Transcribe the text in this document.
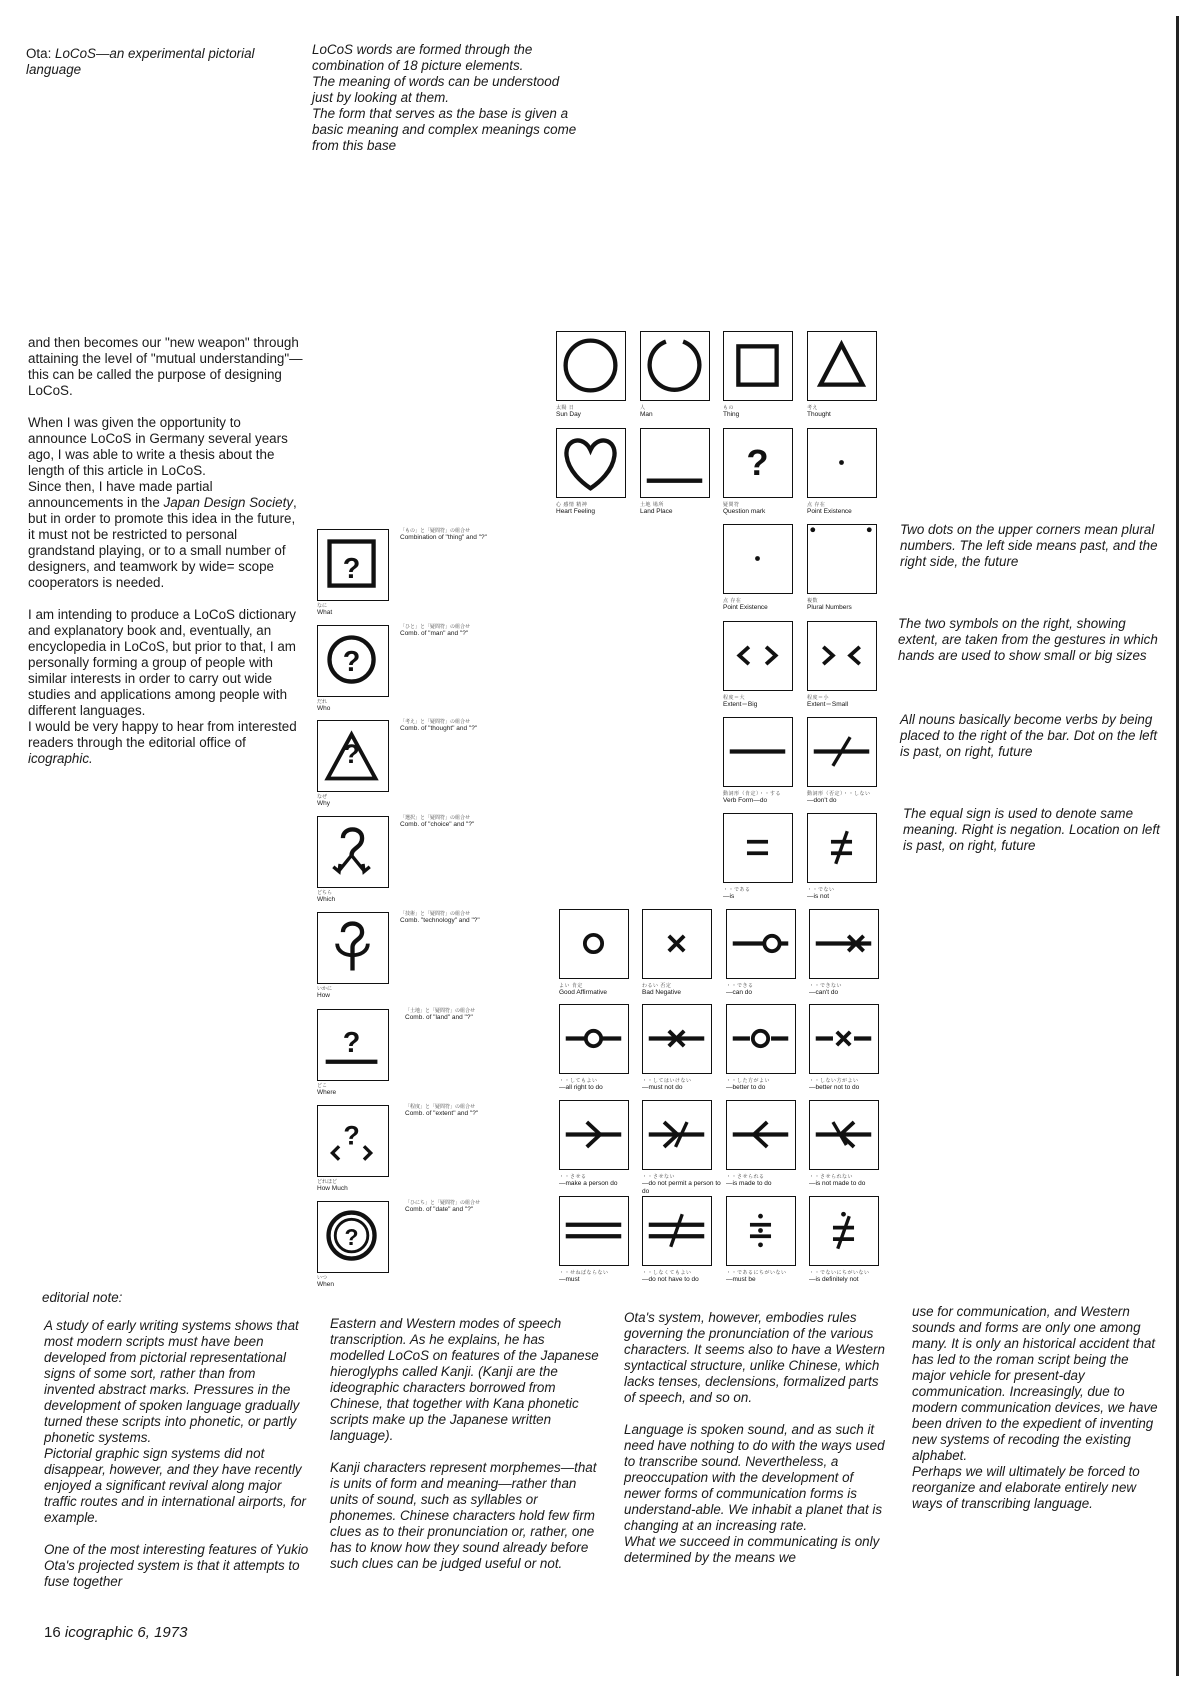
Ota: LoCoS—an experimental pictorial language
LoCoS words are formed through the combination of 18 picture elements.
The meaning of words can be understood just by looking at them.
The form that serves as the base is given a basic meaning and complex meanings come from this base

and then becomes our "new weapon" through attaining the level of "mutual understanding"—this can be called the purpose of designing LoCoS.

When I was given the opportunity to announce LoCoS in Germany several years ago, I was able to write a thesis about the length of this article in LoCoS.

Since then, I have made partial announcements in the Japan Design Society, but in order to promote this idea in the future, it must not be restricted to personal grandstand playing, or to a small number of designers, and teamwork by wide= scope cooperators is needed.

I am intending to produce a LoCoS dictionary and explanatory book and, eventually, an encyclopedia in LoCoS, but prior to that, I am personally forming a group of people with similar interests in order to carry out wide studies and applications among people with different languages.

I would be very happy to hear from interested readers through the editorial office of icographic.

太陽 日
Sun Day
人
Man
もの
Thing
考え
Thought
心 感情 精神
Heart Feeling
土地 場所
Land Place
?
疑問符
Question mark
点 存在
Point Existence
点 存在
Point Existence
複数
Plural Numbers
程度＝大
Extent＝Big
程度＝小
Extent＝Small
動詞形（肯定）・・する
Verb Form—do
動詞形（否定）・・しない
—don't do
・・である
—is
・・でない
—is not
Two dots on the upper corners mean plural numbers. The left side means past, and the right side, the future
The two symbols on the right, showing extent, are taken from the gestures in which hands are used to show small or big sizes
All nouns basically become verbs by being placed to the right of the bar. Dot on the left is past, on right, future
The equal sign is used to denote same meaning. Right is negation. Location on left is past, on right, future
?
「もの」と「疑問符」の組合せ
Combination of "thing" and "?"
なに
What
?
「ひと」と「疑問符」の組合せ
Comb. of "man" and "?"
だれ
Who
?
「考え」と「疑問符」の組合せ
Comb. of "thought" and "?"
なぜ
Why
「選択」と「疑問符」の組合せ
Comb. of "choice" and "?"
どちら
Which
「技術」と「疑問符」の組合せ
Comb. "technology" and "?"
いかに
How
?
「土地」と「疑問符」の組合せ
Comb. of "land" and "?"
どこ
Where
?
「程度」と「疑問符」の組合せ
Comb. of "extent" and "?"
どれほど
How Much
?
「ひにち」と「疑問符」の組合せ
Comb. of "date" and "?"
いつ
When
よい 肯定
Good Affirmative
わるい 否定
Bad Negative
・・できる
—can do
・・できない
—can't do
・・してもよい
—all right to do
・・してはいけない
—must not do
・・した方がよい
—better to do
・・しない方がよい
—better not to do
・・させる
—make a person do
・・させない
—do not permit a person to do
・・させられる
—is made to do
・・させられない
—is not made to do
・・せねばならない
—must
・・しなくてもよい
—do not have to do
・・であるにちがいない
—must be
・・でないにちがいない
—is definitely not
editorial note:

A study of early writing systems shows that most modern scripts must have been developed from pictorial representational signs of some sort, rather than from invented abstract marks. Pressures in the development of spoken language gradually turned these scripts into phonetic, or partly phonetic systems.

Pictorial graphic sign systems did not disappear, however, and they have recently enjoyed a significant revival along major traffic routes and in international airports, for example.

One of the most interesting features of Yukio Ota's projected system is that it attempts to fuse together

Eastern and Western modes of speech transcription. As he explains, he has modelled LoCoS on features of the Japanese hieroglyphs called Kanji. (Kanji are the ideographic characters borrowed from Chinese, that together with Kana phonetic scripts make up the Japanese written language).

Kanji characters represent morphemes—that is units of form and meaning—rather than units of sound, such as syllables or phonemes. Chinese characters hold few firm clues as to their pronunciation or, rather, one has to know how they sound already before such clues can be judged useful or not.

Ota's system, however, embodies rules governing the pronunciation of the various characters. It seems also to have a Western syntactical structure, unlike Chinese, which lacks tenses, declensions, formalized parts of speech, and so on.

Language is spoken sound, and as such it need have nothing to do with the ways used to transcribe sound. Nevertheless, a preoccupation with the development of newer forms of communication forms is understand-able. We inhabit a planet that is changing at an increasing rate.

What we succeed in communicating is only determined by the means we

use for communication, and Western sounds and forms are only one among many. It is only an historical accident that has led to the roman script being the major vehicle for present-day communication. Increasingly, due to modern communication devices, we have been driven to the expedient of inventing new systems of recoding the existing alphabet.

Perhaps we will ultimately be forced to reorganize and elaborate entirely new ways of transcribing language.

16 icographic 6, 1973
